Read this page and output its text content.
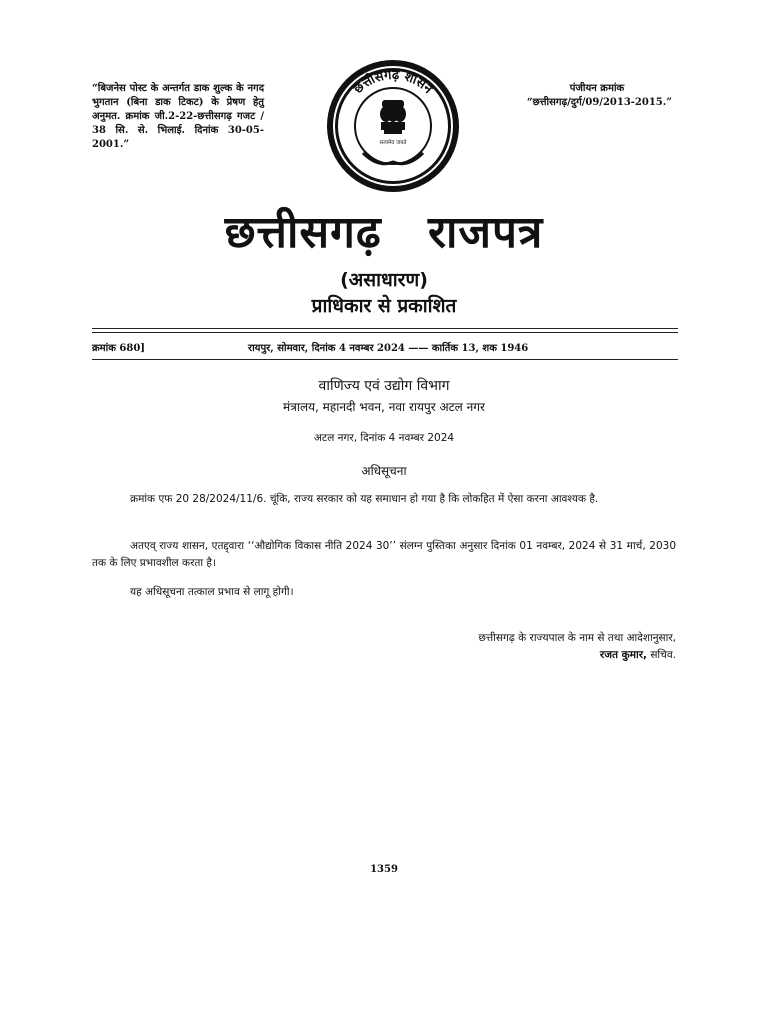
“बिजनेस पोस्ट के अन्तर्गत डाक शुल्क के नगद भुगतान (बिना डाक टिकट) के प्रेषण हेतु अनुमत. क्रमांक जी.2-22-छत्तीसगढ़ गजट / 38 सि. से. भिलाई. दिनांक 30-05-2001.”
पंजीयन क्रमांक
“छत्तीसगढ़/दुर्ग/09/2013-2015.”
छत्तीसगढ़ शासन
सत्यमेव जयते
छत्तीसगढ़ राजपत्र
(असाधारण)
प्राधिकार से प्रकाशित
क्रमांक 680]	रायपुर, सोमवार, दिनांक 4 नवम्बर 2024 —— कार्तिक 13, शक 1946
वाणिज्य एवं उद्योग विभाग
मंत्रालय, महानदी भवन, नवा रायपुर अटल नगर
अटल नगर, दिनांक 4 नवम्बर 2024
अधिसूचना
क्रमांक एफ 20 28/2024/11/6. चूंकि, राज्य सरकार को यह समाधान हो गया है कि लोकहित में ऐसा करना आवश्यक है.
अतएव् राज्य शासन, एतद्द्वारा ‘‘औद्योगिक विकास नीति 2024 30’’ संलग्न पुस्तिका अनुसार दिनांक 01 नवम्बर, 2024 से 31 मार्च, 2030 तक के लिए प्रभावशील करता है।
यह अधिसूचना तत्काल प्रभाव से लागू होगी।
छत्तीसगढ़ के राज्यपाल के नाम से तथा आदेशानुसार,
रजत कुमार, सचिव.
1359
